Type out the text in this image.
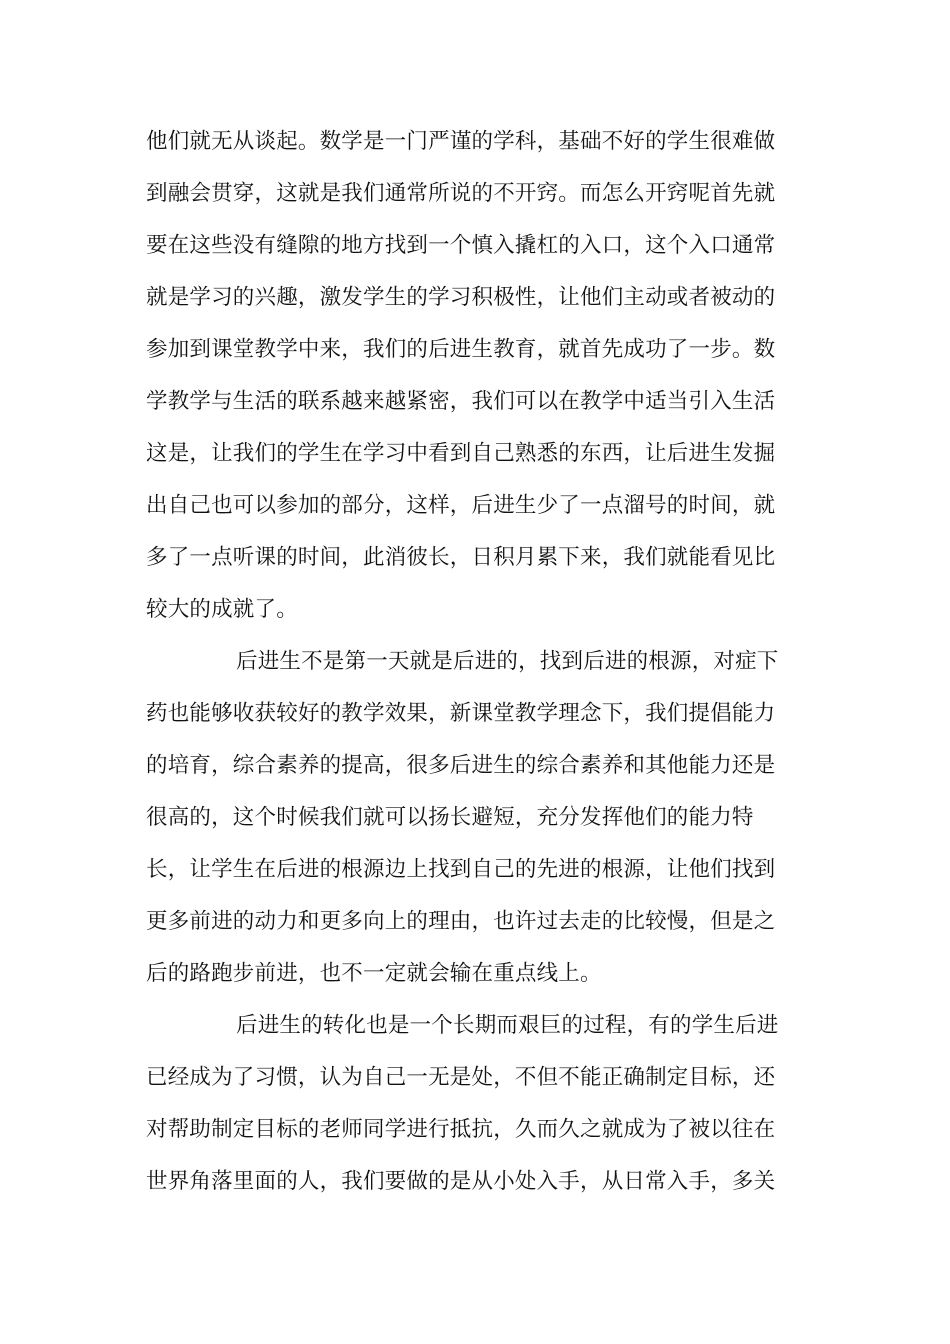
他们就无从谈起。数学是一门严谨的学科，基础不好的学生很难做
到融会贯穿，这就是我们通常所说的不开窍。而怎么开窍呢首先就
要在这些没有缝隙的地方找到一个慎入撬杠的入口，这个入口通常
就是学习的兴趣，激发学生的学习积极性，让他们主动或者被动的
参加到课堂教学中来，我们的后进生教育，就首先成功了一步。数
学教学与生活的联系越来越紧密，我们可以在教学中适当引入生活
这是，让我们的学生在学习中看到自己熟悉的东西，让后进生发掘
出自己也可以参加的部分，这样，后进生少了一点溜号的时间，就
多了一点听课的时间，此消彼长，日积月累下来，我们就能看见比
较大的成就了。
后进生不是第一天就是后进的，找到后进的根源，对症下
药也能够收获较好的教学效果，新课堂教学理念下，我们提倡能力
的培育，综合素养的提高，很多后进生的综合素养和其他能力还是
很高的，这个时候我们就可以扬长避短，充分发挥他们的能力特
长，让学生在后进的根源边上找到自己的先进的根源，让他们找到
更多前进的动力和更多向上的理由，也许过去走的比较慢，但是之
后的路跑步前进，也不一定就会输在重点线上。
后进生的转化也是一个长期而艰巨的过程，有的学生后进
已经成为了习惯，认为自己一无是处，不但不能正确制定目标，还
对帮助制定目标的老师同学进行抵抗，久而久之就成为了被以往在
世界角落里面的人，我们要做的是从小处入手，从日常入手，多关
